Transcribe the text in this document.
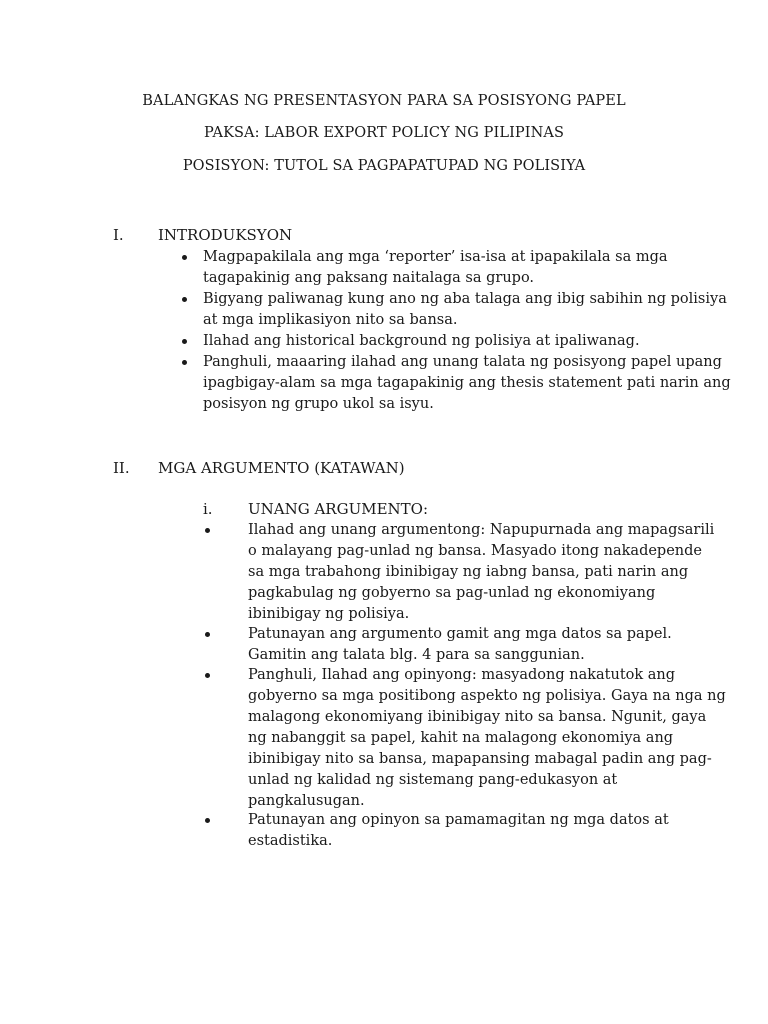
BALANGKAS NG PRESENTASYON PARA SA POSISYONG PAPEL
PAKSA: LABOR EXPORT POLICY NG PILIPINAS
POSISYON: TUTOL SA PAGPAPATUPAD NG POLISIYA
I. INTRODUKSYON
Magpapakilala ang mga ‘reporter’ isa-isa at ipapakilala sa mga
tagapakinig ang paksang naitalaga sa grupo.
Bigyang paliwanag kung ano ng aba talaga ang ibig sabihin ng polisiya
at mga implikasiyon nito sa bansa.
Ilahad ang historical background ng polisiya at ipaliwanag.
Panghuli, maaaring ilahad ang unang talata ng posisyong papel upang
ipagbigay-alam sa mga tagapakinig ang thesis statement pati narin ang
posisyon ng grupo ukol sa isyu.
II. MGA ARGUMENTO (KATAWAN)
i. UNANG ARGUMENTO:
Ilahad ang unang argumentong: Napupurnada ang mapagsarili
o malayang pag-unlad ng bansa. Masyado itong nakadepende
sa mga trabahong ibinibigay ng iabng bansa, pati narin ang
pagkabulag ng gobyerno sa pag-unlad ng ekonomiyang
ibinibigay ng polisiya.
Patunayan ang argumento gamit ang mga datos sa papel.
Gamitin ang talata blg. 4 para sa sanggunian.
Panghuli, Ilahad ang opinyong: masyadong nakatutok ang
gobyerno sa mga positibong aspekto ng polisiya. Gaya na nga ng
malagong ekonomiyang ibinibigay nito sa bansa. Ngunit, gaya
ng nabanggit sa papel, kahit na malagong ekonomiya ang
ibinibigay nito sa bansa, mapapansing mabagal padin ang pag-
unlad ng kalidad ng sistemang pang-edukasyon at
pangkalusugan.
Patunayan ang opinyon sa pamamagitan ng mga datos at
estadistika.
